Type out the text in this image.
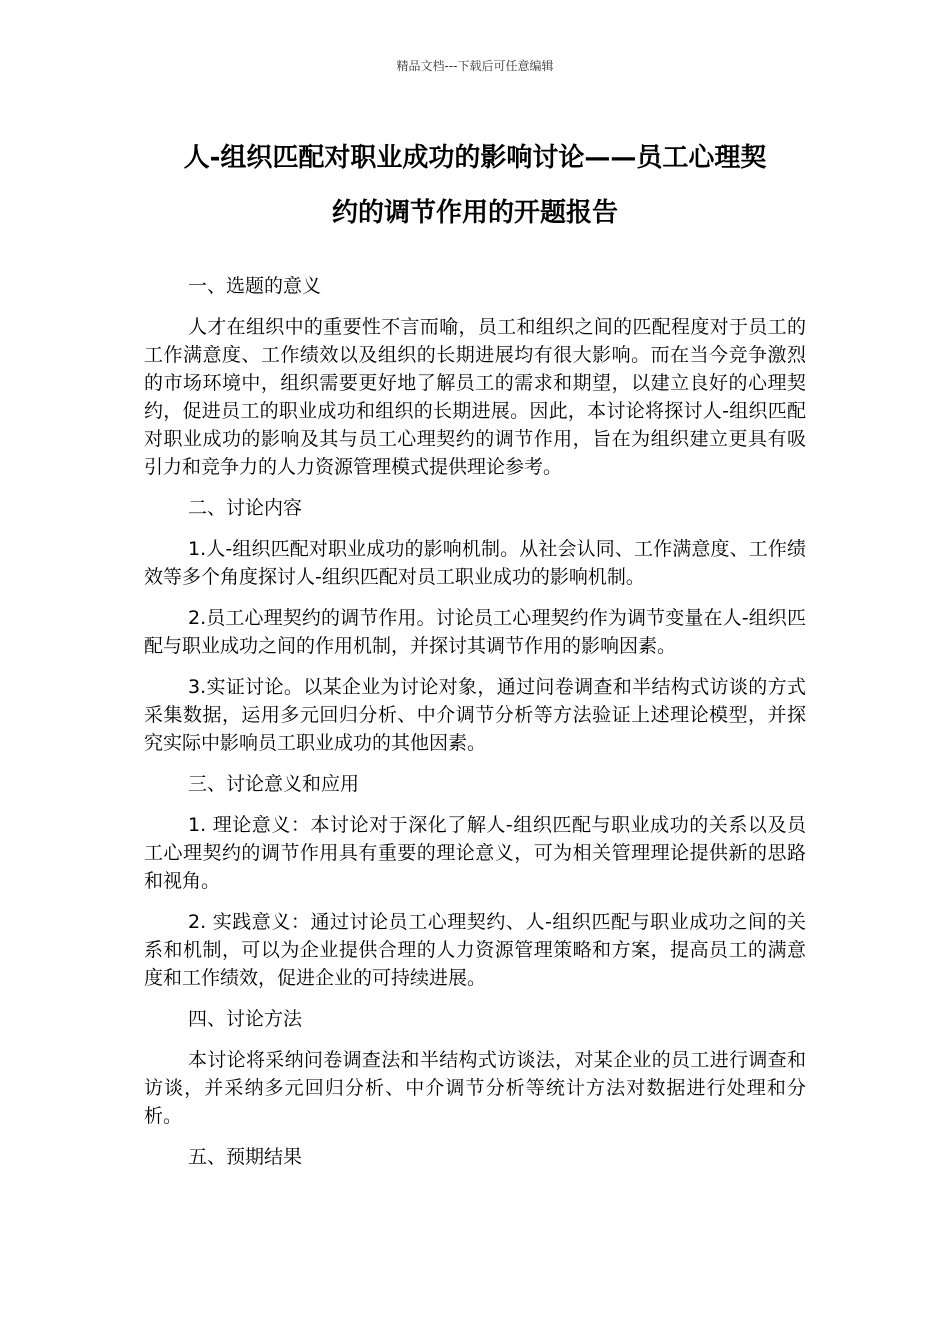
精品文档---下载后可任意编辑
人-组织匹配对职业成功的影响讨论——员工心理契
约的调节作用的开题报告

一、选题的意义

人才在组织中的重要性不言而喻，员工和组织之间的匹配程度对于员工的工作满意度、工作绩效以及组织的长期进展均有很大影响。而在当今竞争激烈的市场环境中，组织需要更好地了解员工的需求和期望，以建立良好的心理契约，促进员工的职业成功和组织的长期进展。因此，本讨论将探讨人-组织匹配对职业成功的影响及其与员工心理契约的调节作用，旨在为组织建立更具有吸引力和竞争力的人力资源管理模式提供理论参考。

二、讨论内容

1.人-组织匹配对职业成功的影响机制。从社会认同、工作满意度、工作绩效等多个角度探讨人-组织匹配对员工职业成功的影响机制。

2.员工心理契约的调节作用。讨论员工心理契约作为调节变量在人-组织匹配与职业成功之间的作用机制，并探讨其调节作用的影响因素。

3.实证讨论。以某企业为讨论对象，通过问卷调查和半结构式访谈的方式采集数据，运用多元回归分析、中介调节分析等方法验证上述理论模型，并探究实际中影响员工职业成功的其他因素。

三、讨论意义和应用

1. 理论意义：本讨论对于深化了解人-组织匹配与职业成功的关系以及员工心理契约的调节作用具有重要的理论意义，可为相关管理理论提供新的思路和视角。

2. 实践意义：通过讨论员工心理契约、人-组织匹配与职业成功之间的关系和机制，可以为企业提供合理的人力资源管理策略和方案，提高员工的满意度和工作绩效，促进企业的可持续进展。

四、讨论方法

本讨论将采纳问卷调查法和半结构式访谈法，对某企业的员工进行调查和访谈，并采纳多元回归分析、中介调节分析等统计方法对数据进行处理和分析。

五、预期结果
